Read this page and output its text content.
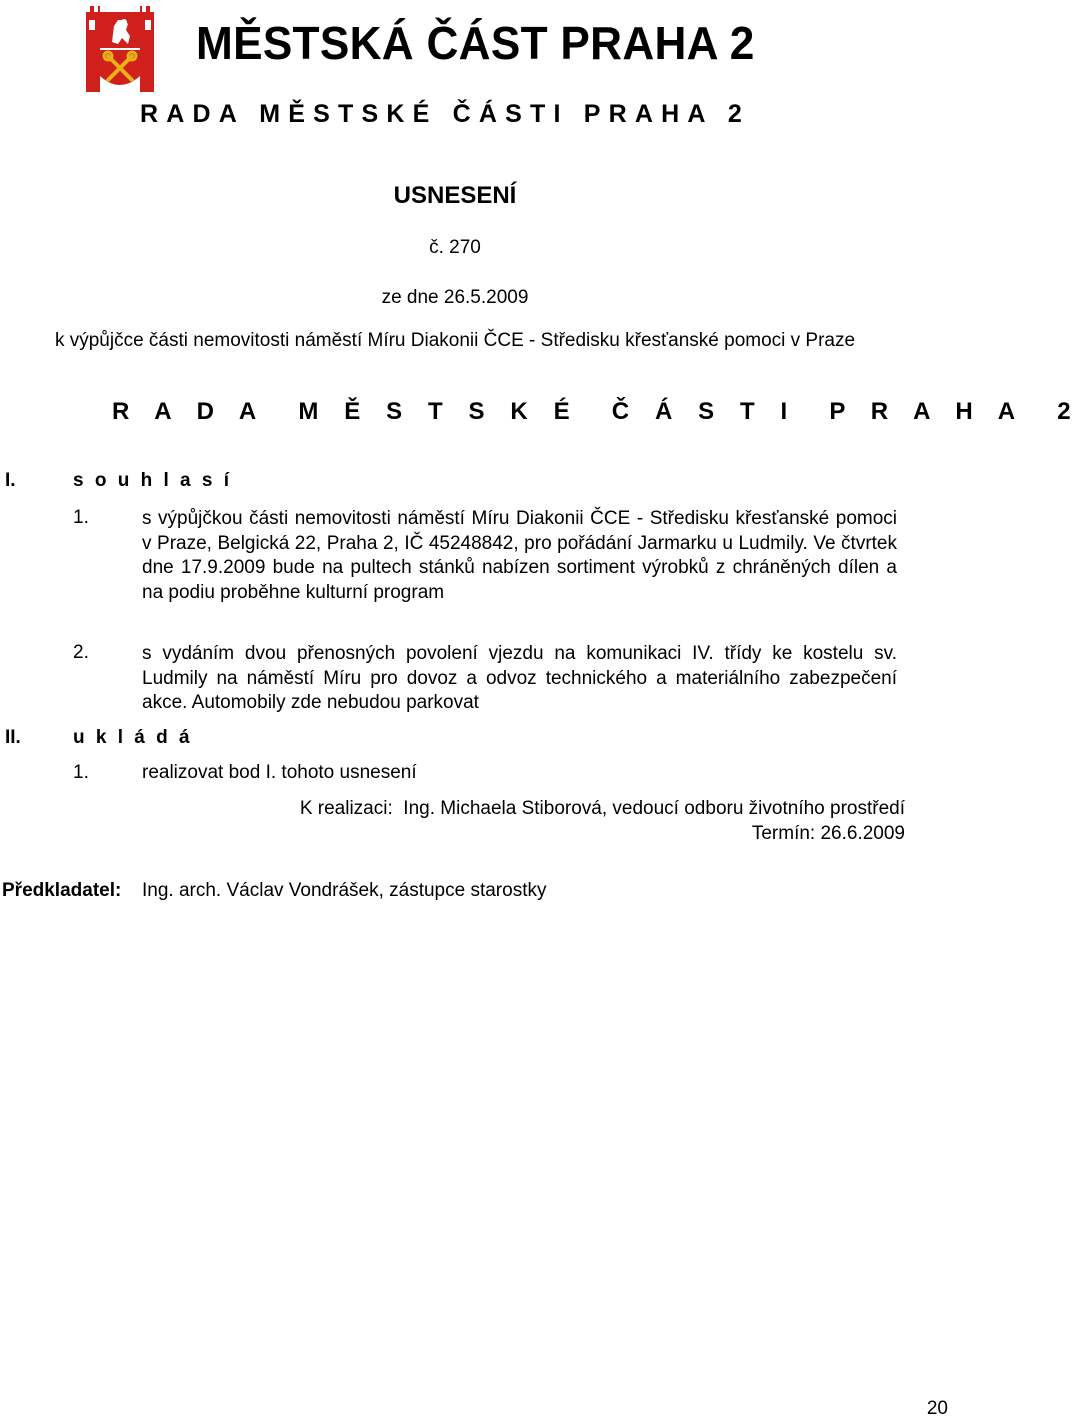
MĚSTSKÁ ČÁST PRAHA 2
RADA MĚSTSKÉ ČÁSTI PRAHA 2
USNESENÍ
č. 270
ze dne 26.5.2009
k výpůjčce části nemovitosti náměstí Míru Diakonii ČCE - Středisku křesťanské pomoci v Praze
R A D A  M Ě S T S K É  Č Á S T I  P R A H A  2
I.	s o u h l a s í
1.	s výpůjčkou části nemovitosti náměstí Míru Diakonii ČCE - Středisku křesťanské pomoci v Praze, Belgická 22, Praha 2, IČ 45248842, pro pořádání Jarmarku u Ludmily. Ve čtvrtek dne 17.9.2009 bude na pultech stánků nabízen sortiment výrobků z chráněných dílen a na podiu proběhne kulturní program
2.	s vydáním dvou přenosných povolení vjezdu na komunikaci IV. třídy ke kostelu sv. Ludmily na náměstí Míru pro dovoz a odvoz technického a materiálního zabezpečení akce. Automobily zde nebudou parkovat
II.	u k l á d á
1.	realizovat bod I. tohoto usnesení
K realizaci:  Ing. Michaela Stiborová, vedoucí odboru životního prostředí
Termín: 26.6.2009
Předkladatel: Ing. arch. Václav Vondrášek, zástupce starostky
20
